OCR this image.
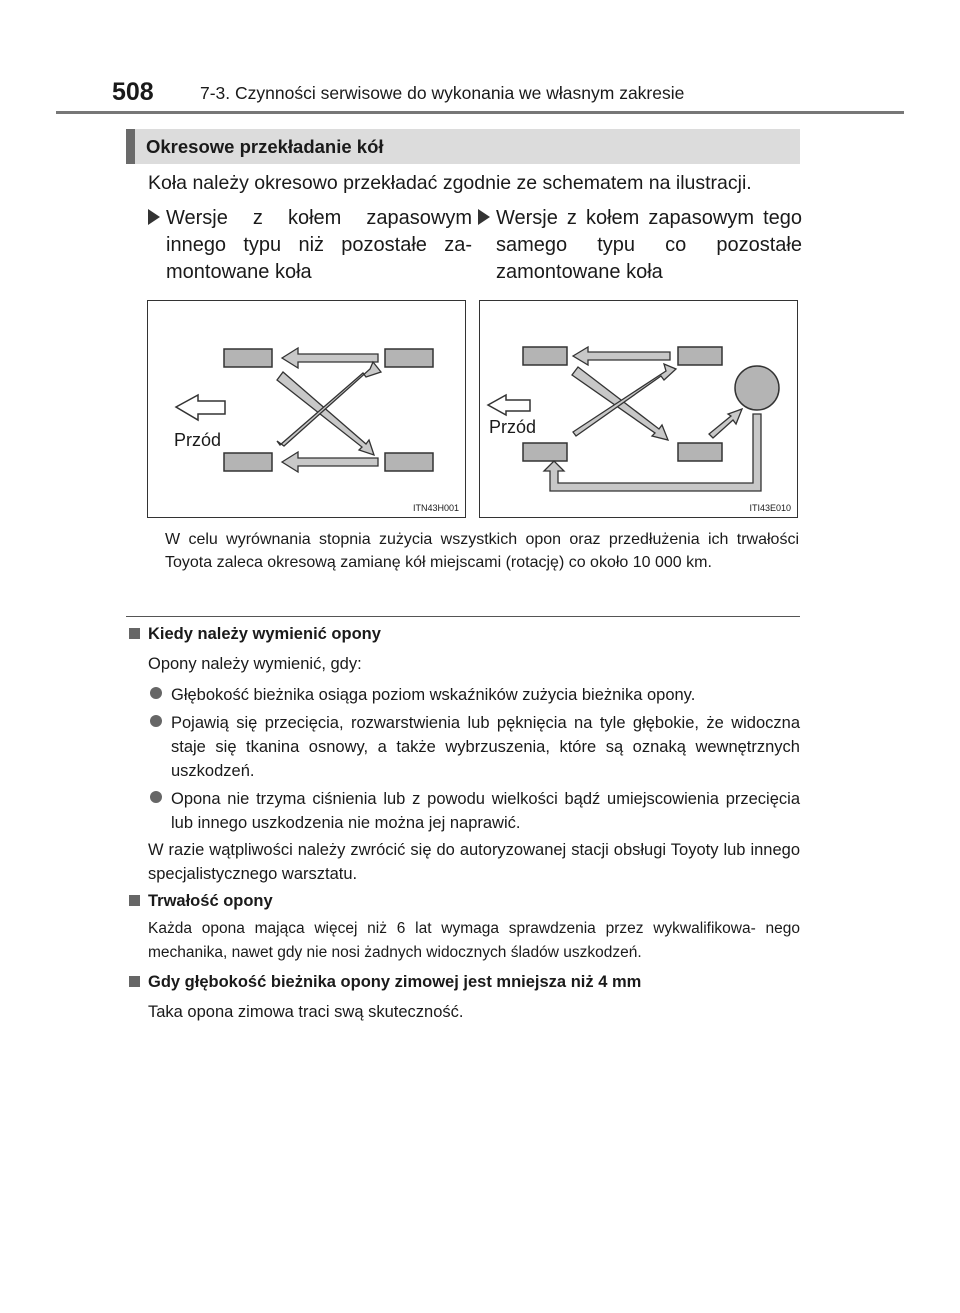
508	7-3. Czynności serwisowe do wykonania we własnym zakresie
Okresowe przekładanie kół
Koła należy okresowo przekładać zgodnie ze schematem na ilustracji.
Wersje z kołem zapasowym innego typu niż pozostałe za- montowane koła
Wersje z kołem zapasowym tego samego typu co pozostałe zamontowane koła
Przód
ITN43H001
Przód
ITI43E010
W celu wyrównania stopnia zużycia wszystkich opon oraz przedłużenia ich trwałości Toyota zaleca okresową zamianę kół miejscami (rotację) co około 10 000 km.
Kiedy należy wymienić opony
Opony należy wymienić, gdy:
Głębokość bieżnika osiąga poziom wskaźników zużycia bieżnika opony.
Pojawią się przecięcia, rozwarstwienia lub pęknięcia na tyle głębokie, że widoczna staje się tkanina osnowy, a także wybrzuszenia, które są oznaką wewnętrznych uszkodzeń.
Opona nie trzyma ciśnienia lub z powodu wielkości bądź umiejscowienia przecięcia lub innego uszkodzenia nie można jej naprawić.
W razie wątpliwości należy zwrócić się do autoryzowanej stacji obsługi Toyoty lub innego specjalistycznego warsztatu.
Trwałość opony
Każda opona mająca więcej niż 6 lat wymaga sprawdzenia przez wykwalifikowa- nego mechanika, nawet gdy nie nosi żadnych widocznych śladów uszkodzeń.
Gdy głębokość bieżnika opony zimowej jest mniejsza niż 4 mm
Taka opona zimowa traci swą skuteczność.
